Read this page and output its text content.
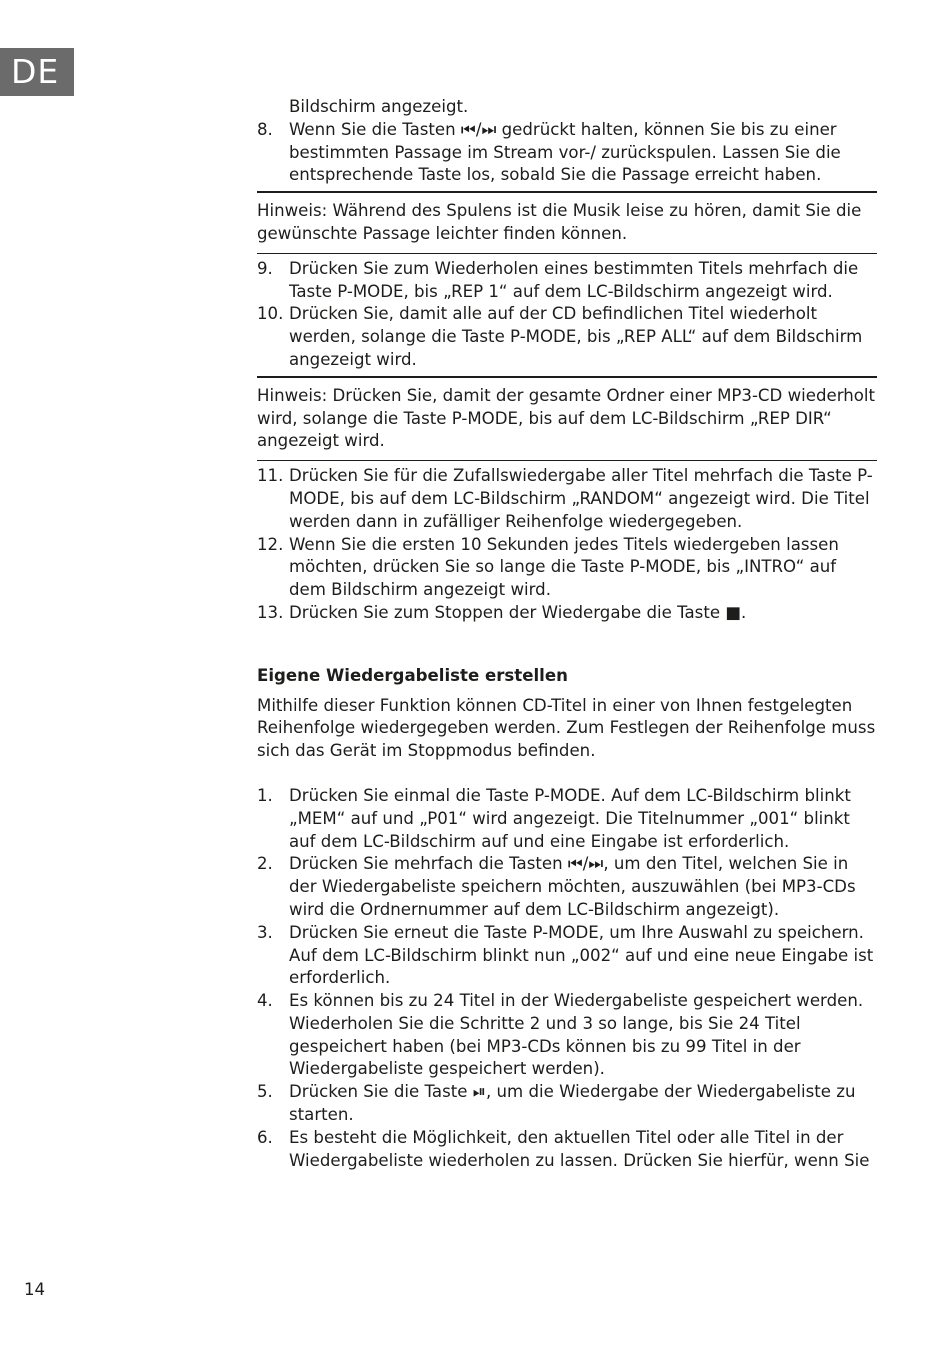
DE
Bildschirm angezeigt.
8. Wenn Sie die Tasten ⏮/⏭ gedrückt halten, können Sie bis zu einer bestimmten Passage im Stream vor-/ zurückspulen. Lassen Sie die entsprechende Taste los, sobald Sie die Passage erreicht haben.
Hinweis: Während des Spulens ist die Musik leise zu hören, damit Sie die gewünschte Passage leichter finden können.
9. Drücken Sie zum Wiederholen eines bestimmten Titels mehrfach die Taste P-MODE, bis „REP 1“ auf dem LC-Bildschirm angezeigt wird.
10. Drücken Sie, damit alle auf der CD befindlichen Titel wiederholt werden, solange die Taste P-MODE, bis „REP ALL“ auf dem Bildschirm angezeigt wird.
Hinweis: Drücken Sie, damit der gesamte Ordner einer MP3-CD wiederholt wird, solange die Taste P-MODE, bis auf dem LC-Bildschirm „REP DIR“ angezeigt wird.
11. Drücken Sie für die Zufallswiedergabe aller Titel mehrfach die Taste P-MODE, bis auf dem LC-Bildschirm „RANDOM“ angezeigt wird. Die Titel werden dann in zufälliger Reihenfolge wiedergegeben.
12. Wenn Sie die ersten 10 Sekunden jedes Titels wiedergeben lassen möchten, drücken Sie so lange die Taste P-MODE, bis „INTRO“ auf dem Bildschirm angezeigt wird.
13. Drücken Sie zum Stoppen der Wiedergabe die Taste ■.
Eigene Wiedergabeliste erstellen

Mithilfe dieser Funktion können CD-Titel in einer von Ihnen festgelegten Reihenfolge wiedergegeben werden. Zum Festlegen der Reihenfolge muss sich das Gerät im Stoppmodus befinden.

1. Drücken Sie einmal die Taste P-MODE. Auf dem LC-Bildschirm blinkt „MEM“ auf und „P01“ wird angezeigt. Die Titelnummer „001“ blinkt auf dem LC-Bildschirm auf und eine Eingabe ist erforderlich.
2. Drücken Sie mehrfach die Tasten ⏮/⏭, um den Titel, welchen Sie in der Wiedergabeliste speichern möchten, auszuwählen (bei MP3-CDs wird die Ordnernummer auf dem LC-Bildschirm angezeigt).
3. Drücken Sie erneut die Taste P-MODE, um Ihre Auswahl zu speichern. Auf dem LC-Bildschirm blinkt nun „002“ auf und eine neue Eingabe ist erforderlich.
4. Es können bis zu 24 Titel in der Wiedergabeliste gespeichert werden. Wiederholen Sie die Schritte 2 und 3 so lange, bis Sie 24 Titel gespeichert haben (bei MP3-CDs können bis zu 99 Titel in der Wiedergabeliste gespeichert werden).
5. Drücken Sie die Taste ⏯, um die Wiedergabe der Wiedergabeliste zu starten.
6. Es besteht die Möglichkeit, den aktuellen Titel oder alle Titel in der Wiedergabeliste wiederholen zu lassen. Drücken Sie hierfür, wenn Sie
14
